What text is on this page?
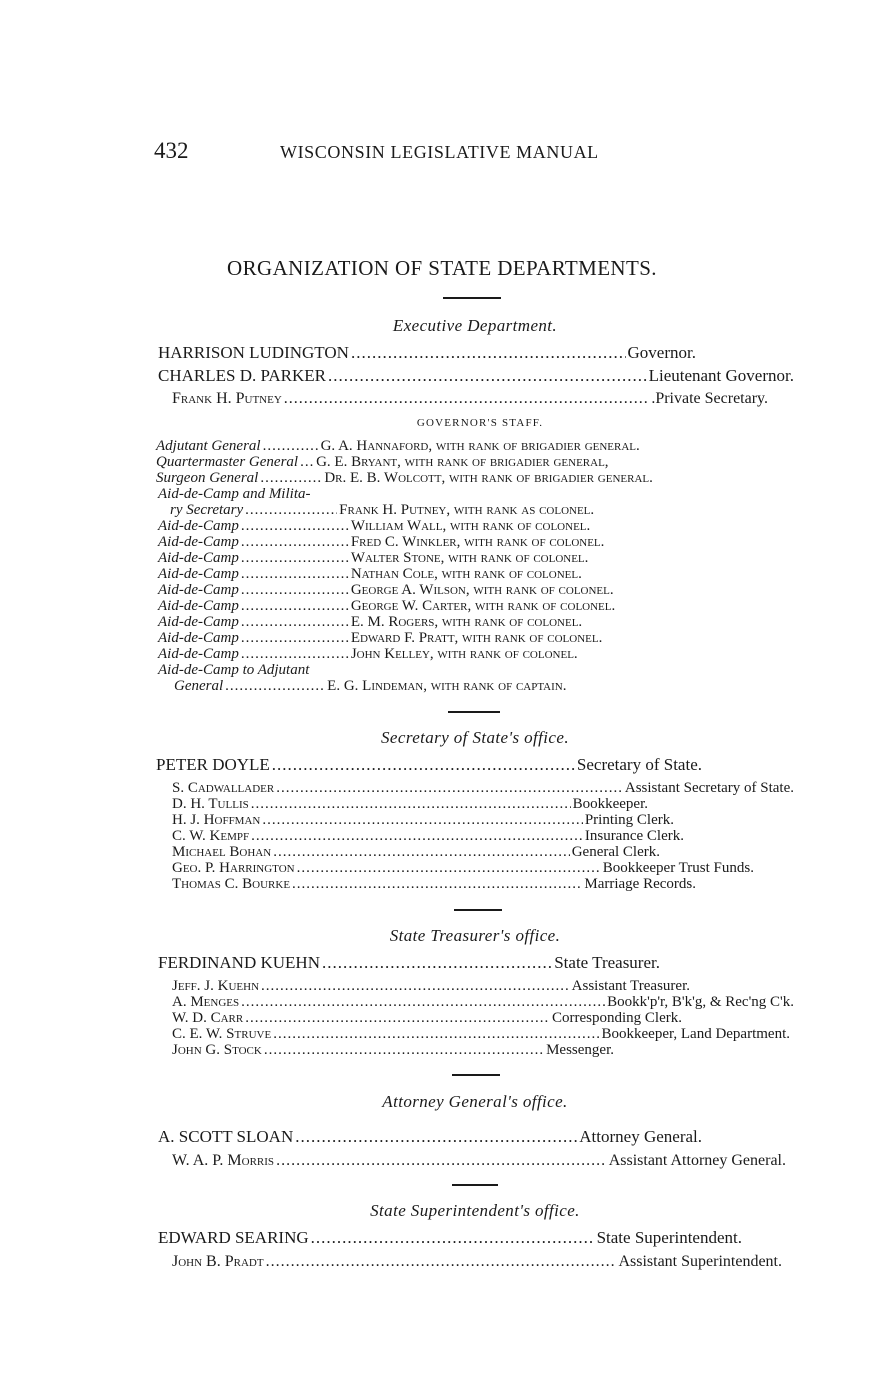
432	WISCONSIN LEGISLATIVE MANUAL
ORGANIZATION OF STATE DEPARTMENTS.
Executive Department.
HARRISON LUDINGTON .....	Governor.
CHARLES D. PARKER .....	Lieutenant Governor.
Frank H. Putney .....	.Private Secretary.
GOVERNOR'S STAFF.
Adjutant General .....	G. A. Hannaford, with rank of brigadier general.
Quartermaster General ..... G. E. Bryant, with rank of brigadier general,
Surgeon General .....	Dr. E. B. Wolcott, with rank of brigadier general.
Aid-de-Camp and Milita-
ry Secretary .....	Frank H. Putney, with rank as colonel.
Aid-de-Camp .....	William Wall, with rank of colonel.
Aid-de-Camp .....	Fred C. Winkler, with rank of colonel.
Aid-de-Camp .....	Walter Stone, with rank of colonel.
Aid-de-Camp .....	Nathan Cole, with rank of colonel.
Aid-de-Camp .....	George A. Wilson, with rank of colonel.
Aid-de-Camp .....	George W. Carter, with rank of colonel.
Aid-de-Camp .....	E. M. Rogers, with rank of colonel.
Aid-de-Camp .....	Edward F. Pratt, with rank of colonel.
Aid-de-Camp .....	John Kelley, with rank of colonel.
Aid-de-Camp to Adjutant
General .....	E. G. Lindeman, with rank of captain.
Secretary of State's office.
PETER DOYLE .....	Secretary of State.
S. Cadwallader .....	Assistant Secretary of State.
D. H. Tullis .....	Bookkeeper.
H. J. Hoffman .....	Printing Clerk.
C. W. Kempf .....	Insurance Clerk.
Michael Bohan .....	General Clerk.
Geo. P. Harrington .....	Bookkeeper Trust Funds.
Thomas C. Bourke .....	Marriage Records.
State Treasurer's office.
FERDINAND KUEHN .....	State Treasurer.
Jeff. J. Kuehn .....	Assistant Treasurer.
A. Menges .....	Bookk'p'r, B'k'g, & Rec'ng C'k.
W. D. Carr .....	Corresponding Clerk.
C. E. W. Struve .....	Bookkeeper, Land Department.
John G. Stock .....	Messenger.
Attorney General's office.
A. SCOTT SLOAN .....	Attorney General.
W. A. P. Morris .....	Assistant Attorney General.
State Superintendent's office.
EDWARD SEARING .....	State Superintendent.
John B. Pradt .....	Assistant Superintendent.
